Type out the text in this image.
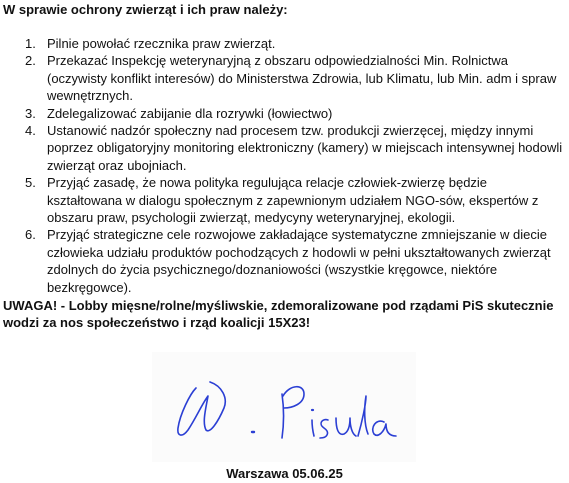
W sprawie ochrony zwierząt i ich praw należy:
1. Pilnie powołać rzecznika praw zwierząt.
2. Przekazać Inspekcję weterynaryjną z obszaru odpowiedzialności Min. Rolnictwa (oczywisty konflikt interesów) do Ministerstwa Zdrowia, lub Klimatu, lub Min. adm i spraw wewnętrznych.
3. Zdelegalizować zabijanie dla rozrywki (łowiectwo)
4. Ustanowić nadzór społeczny nad procesem tzw. produkcji zwierzęcej, między innymi poprzez obligatoryjny monitoring elektroniczny (kamery) w miejscach intensywnej hodowli zwierząt oraz ubojniach.
5. Przyjąć zasadę, że nowa polityka regulująca relacje człowiek-zwierzę będzie kształtowana w dialogu społecznym z zapewnionym udziałem NGO-sów, ekspertów z obszaru praw, psychologii zwierząt, medycyny weterynaryjnej, ekologii.
6. Przyjąć strategiczne cele rozwojowe zakładające systematyczne zmniejszanie w diecie człowieka udziału produktów pochodzących z hodowli w pełni ukształtowanych zwierząt zdolnych do życia psychicznego/doznaniowości (wszystkie kręgowce, niektóre bezkręgowce).
UWAGA! - Lobby mięsne/rolne/myśliwskie, zdemoralizowane pod rządami PiS skutecznie wodzi za nos społeczeństwo i rząd koalicji 15X23!
Warszawa 05.06.25
